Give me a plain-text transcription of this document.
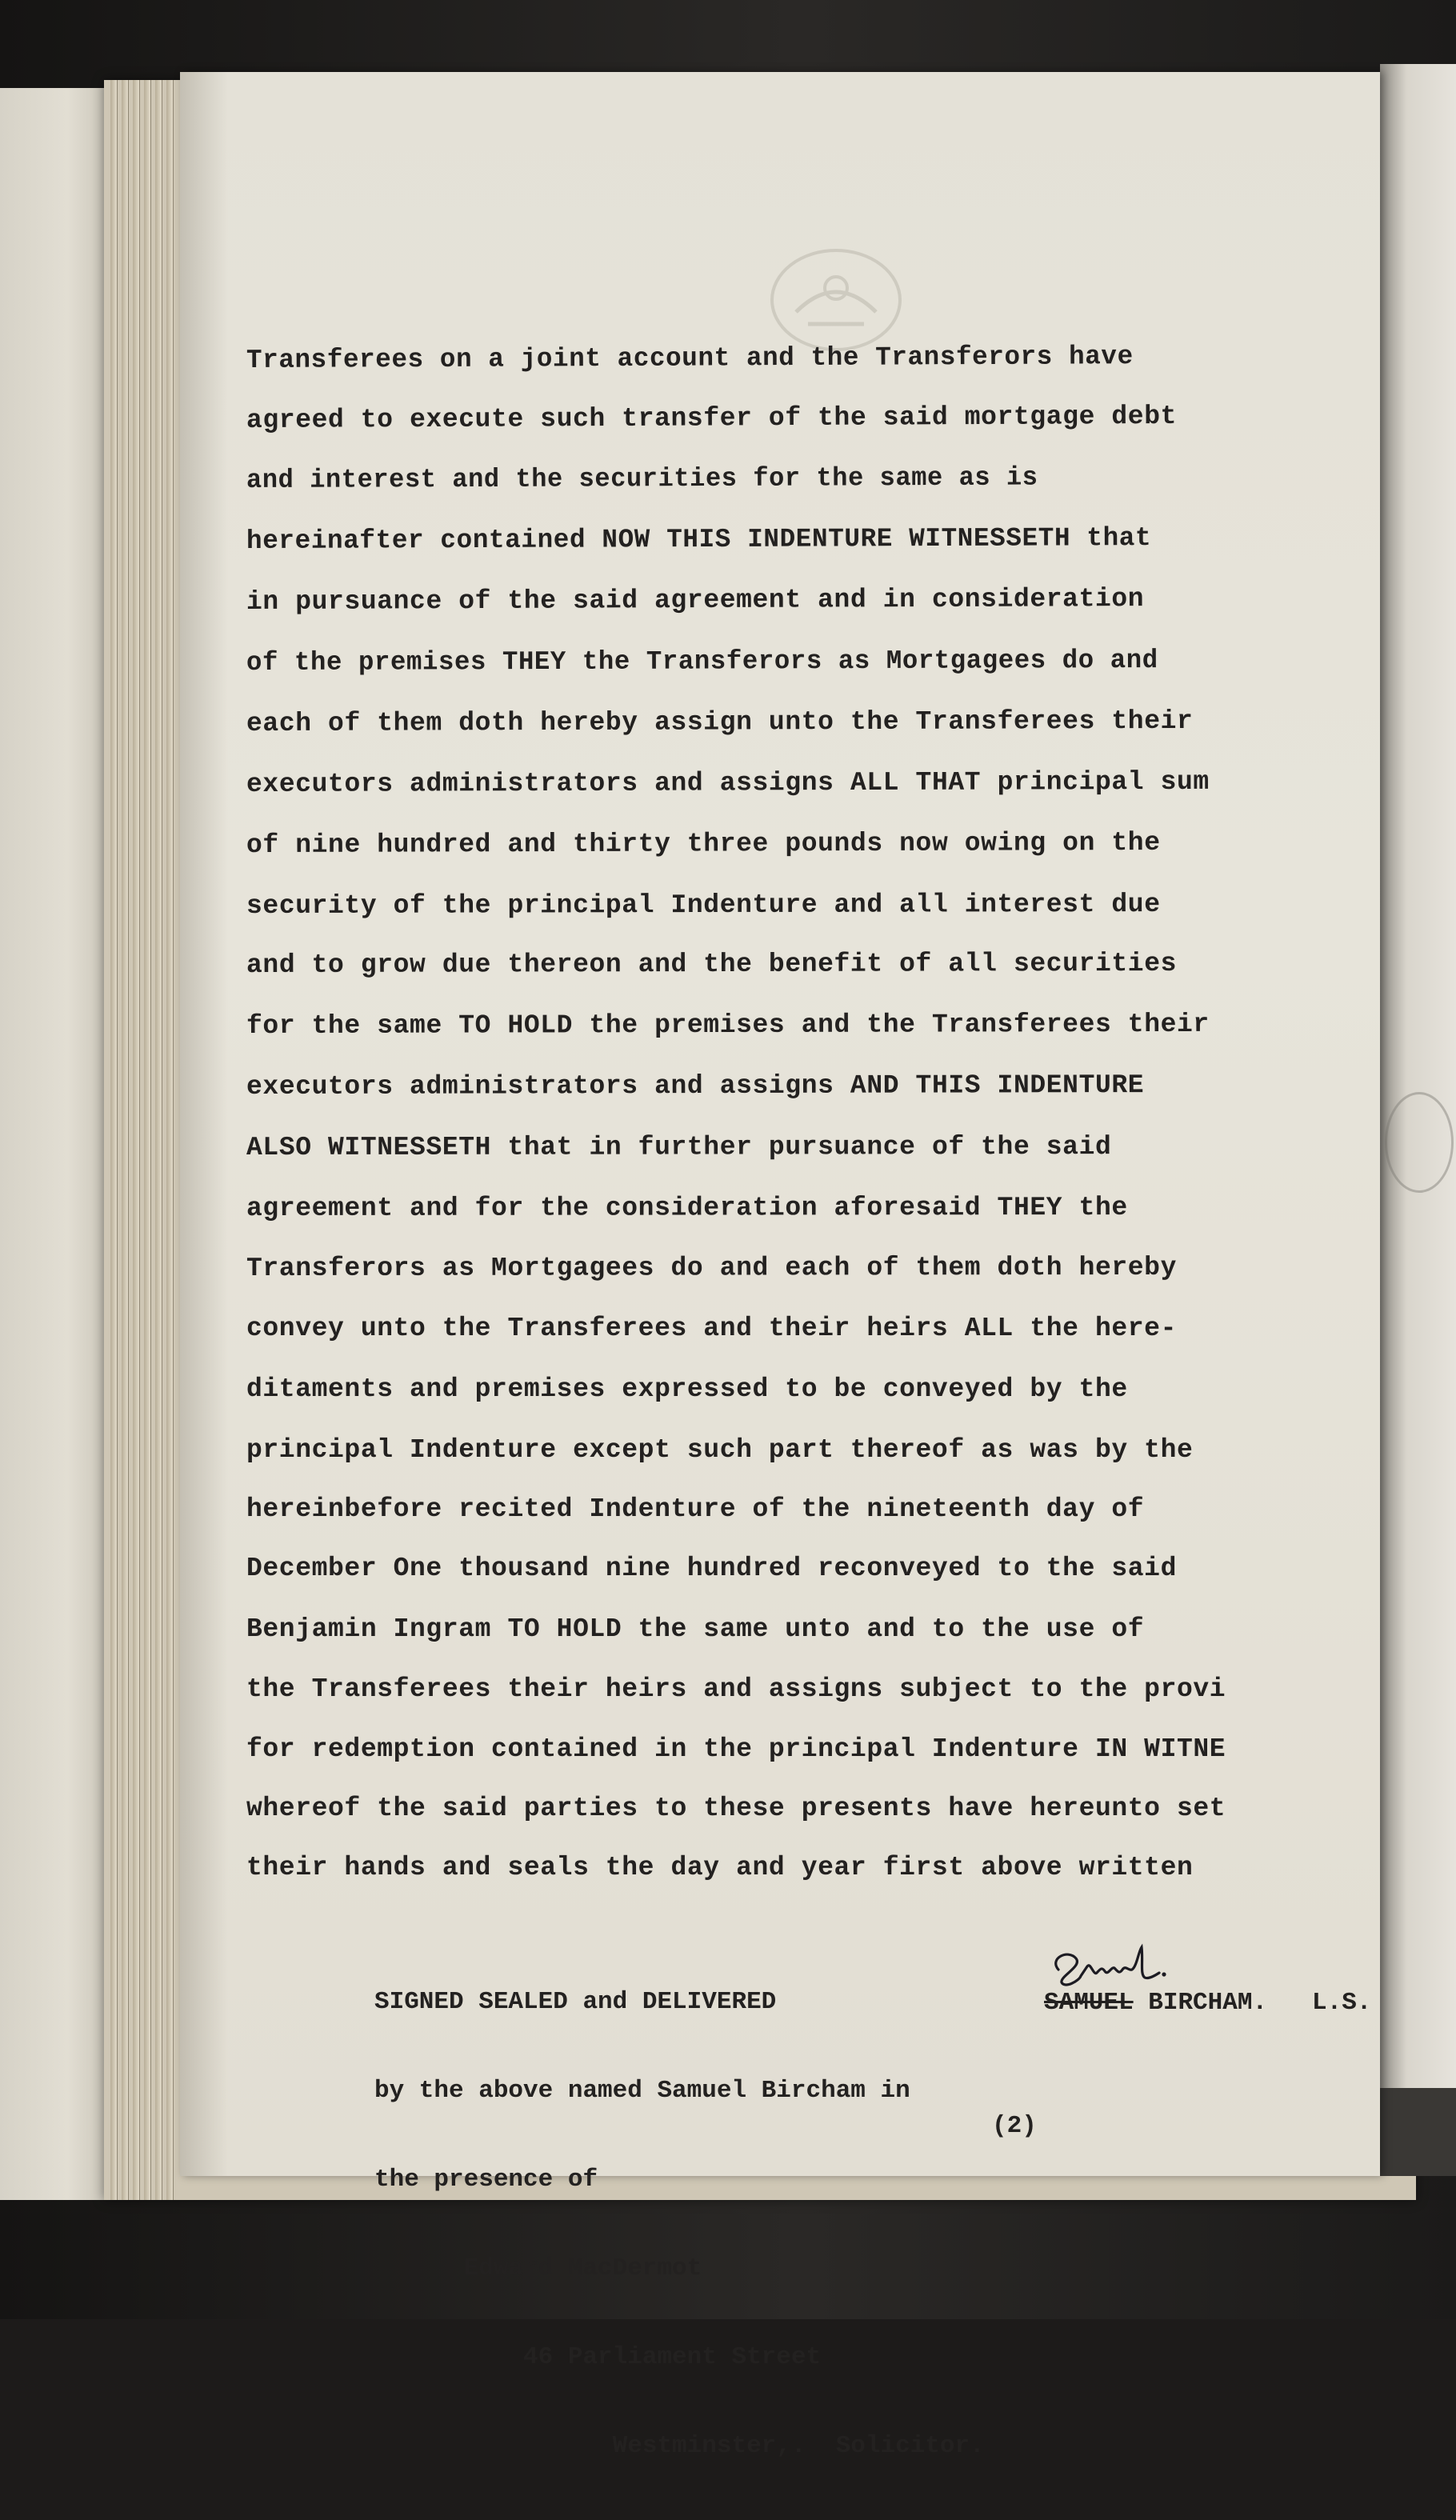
Transferees on a joint account and the Transferors have
agreed to execute such transfer of the said mortgage debt
and interest and the securities for the same as is
hereinafter contained NOW THIS INDENTURE WITNESSETH that
in pursuance of the said agreement and in consideration
of the premises THEY the Transferors as Mortgagees do and
each of them doth hereby assign unto the Transferees their
executors administrators and assigns ALL THAT principal sum
of nine hundred and thirty three pounds now owing on the
security of the principal Indenture and all interest due
and to grow due thereon and the benefit of all securities
for the same TO HOLD the premises and the Transferees their
executors administrators and assigns AND THIS INDENTURE
ALSO WITNESSETH that in further pursuance of the said
agreement and for the consideration aforesaid THEY the
Transferors as Mortgagees do and each of them doth hereby
convey unto the Transferees and their heirs ALL the here-
ditaments and premises expressed to be conveyed by the
principal Indenture except such part thereof as was by the
hereinbefore recited Indenture of the nineteenth day of
December One thousand nine hundred reconveyed to the said
Benjamin Ingram TO HOLD the same unto and to the use of
the Transferees their heirs and assigns subject to the provi
for redemption contained in the principal Indenture IN WITNE
whereof the said parties to these presents have hereunto set
their hands and seals the day and year first above written

SIGNED SEALED and DELIVERED

by the above named Samuel Bircham in

the presence of

Edward MacDermot

46 Parliament Street

Westminster,.  Solicitor.

SAMUEL BIRCHAM. L.S.
(2)
